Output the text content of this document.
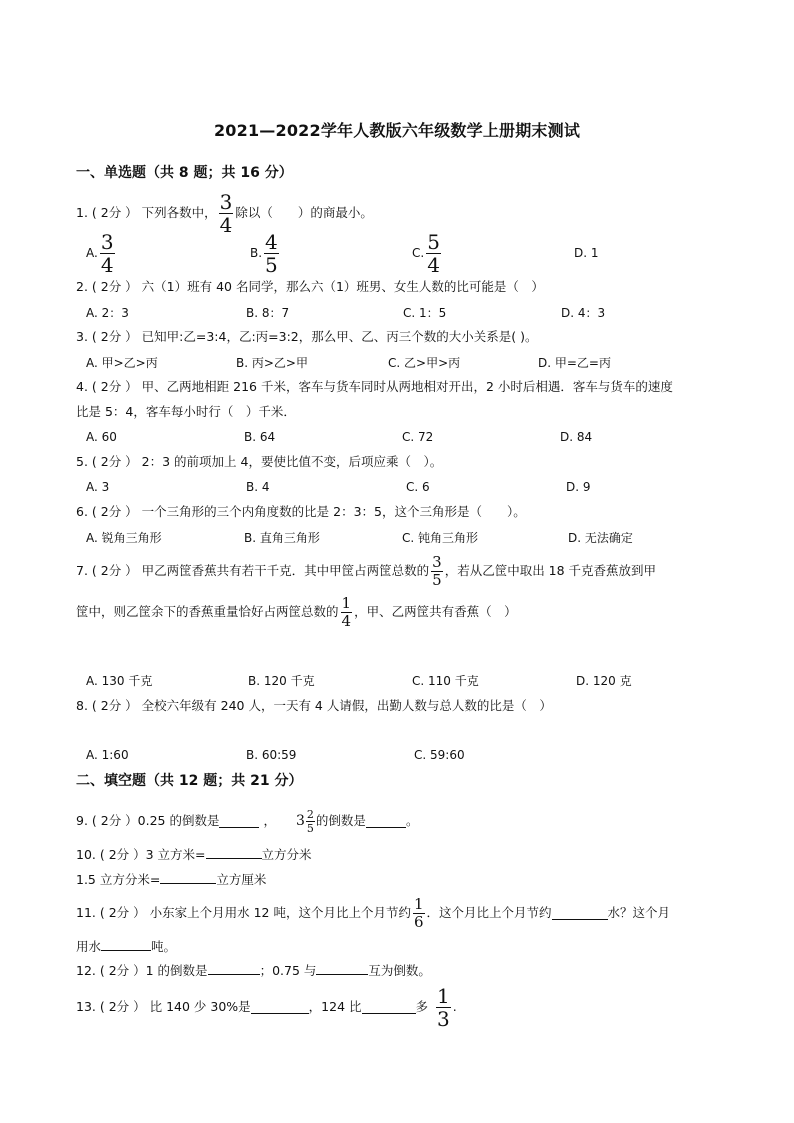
2021—2022学年人教版六年级数学上册期末测试
一、单选题（共 8 题；共 16 分）
1. ( 2分 ） 下列各数中， $\frac{3}{4}$ 除以（　　）的商最小。
A. $\frac{3}{4}$	B. $\frac{4}{5}$	C. $\frac{5}{4}$	D. 1
2. ( 2分 ） 六（1）班有 40 名同学，那么六（1）班男、女生人数的比可能是（　）
A. 2：3	B. 8：7	C. 1：5	D. 4：3
3. ( 2分 ） 已知甲:乙=3:4，乙:丙=3:2，那么甲、乙、丙三个数的大小关系是( )。
A. 甲>乙>丙	B. 丙>乙>甲	C. 乙>甲>丙	D. 甲=乙=丙
4. ( 2分 ） 甲、乙两地相距 216 千米，客车与货车同时从两地相对开出，2 小时后相遇．客车与货车的速度
比是 5：4，客车每小时行（　）千米．
A. 60	B. 64	C. 72	D. 84
5. ( 2分 ） 2：3 的前项加上 4，要使比值不变，后项应乘（　）。
A. 3	B. 4	C. 6	D. 9
6. ( 2分 ） 一个三角形的三个内角度数的比是 2：3：5，这个三角形是（　　）。
A. 锐角三角形	B. 直角三角形	C. 钝角三角形	D. 无法确定
7. ( 2分 ） 甲乙两筐香蕉共有若干千克．其中甲筐占两筐总数的 $\frac{3}{5}$ ，若从乙筐中取出 18 千克香蕉放到甲
筐中，则乙筐余下的香蕉重量恰好占两筐总数的 $\frac{1}{4}$ ，甲、乙两筐共有香蕉（　）
A. 130 千克	B. 120 千克	C. 110 千克	D. 120 克
8. ( 2分 ） 全校六年级有 240 人，一天有 4 人请假，出勤人数与总人数的比是（　）
A. 1:60	B. 60:59	C. 59:60
二、填空题（共 12 题；共 21 分）
9. ( 2分 ）0.25 的倒数是	， $3 \frac{2}{5}$ 的倒数是	。
10. ( 2分 ）3 立方米=	立方分米
1.5 立方分米=	立方厘米
11. ( 2分 ） 小东家上个月用水 12 吨，这个月比上个月节约 $\frac{1}{6}$ ．这个月比上个月节约	水？这个月
用水	吨。
12. ( 2分 ）1 的倒数是	；0.75 与	互为倒数。
13. ( 2分 ） 比 140 少 30%是	，124 比	多 $\frac{1}{3}$ .
